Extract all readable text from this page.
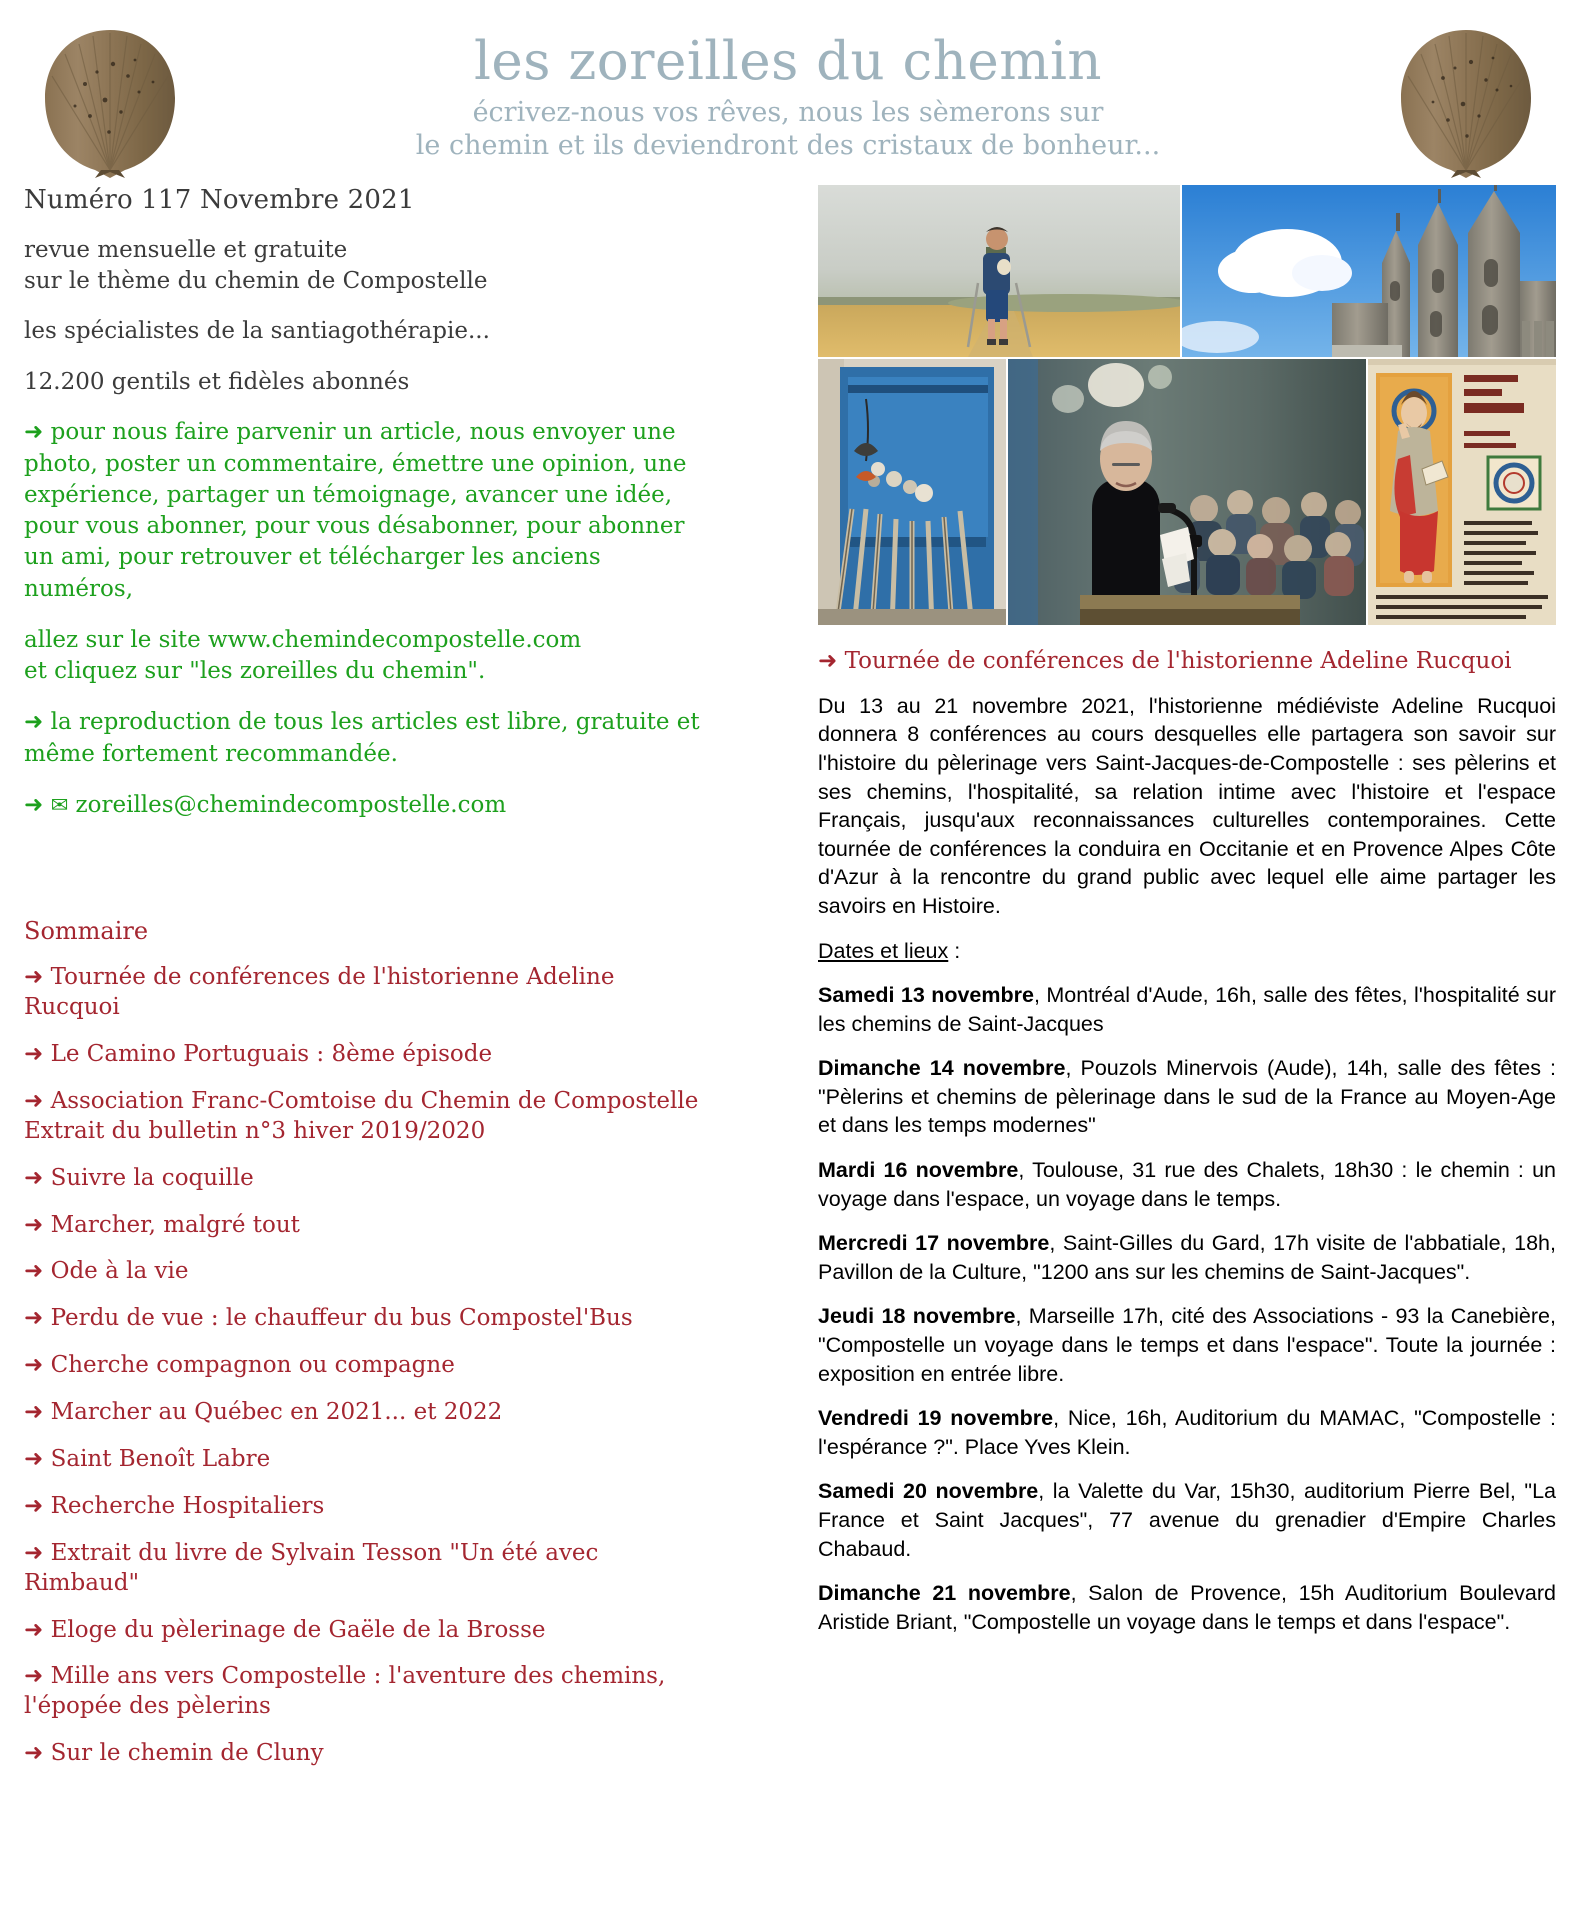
les zoreilles du chemin
écrivez-nous vos rêves, nous les sèmerons sur
le chemin et ils deviendront des cristaux de bonheur...
Numéro 117 Novembre 2021
revue mensuelle et gratuite
sur le thème du chemin de Compostelle
les spécialistes de la santiagothérapie...
12.200 gentils et fidèles abonnés
➜ pour nous faire parvenir un article, nous envoyer une photo, poster un commentaire, émettre une opinion, une expérience, partager un témoignage, avancer une idée, pour vous abonner, pour vous désabonner, pour abonner un ami, pour retrouver et télécharger les anciens numéros,
allez sur le site www.chemindecompostelle.com
et cliquez sur "les zoreilles du chemin".
➜ la reproduction de tous les articles est libre, gratuite et même fortement recommandée.
➜ ✉ zoreilles@chemindecompostelle.com
Sommaire
➜ Tournée de conférences de l'historienne Adeline Rucquoi
➜ Le Camino Portuguais : 8ème épisode
➜ Association Franc-Comtoise du Chemin de Compostelle Extrait du bulletin n°3 hiver 2019/2020
➜ Suivre la coquille
➜ Marcher, malgré tout
➜ Ode à la vie
➜ Perdu de vue : le chauffeur du bus Compostel'Bus
➜ Cherche compagnon ou compagne
➜ Marcher au Québec en 2021... et 2022
➜ Saint Benoît Labre
➜ Recherche Hospitaliers
➜ Extrait du livre de Sylvain Tesson "Un été avec Rimbaud"
➜ Eloge du pèlerinage de Gaële de la Brosse
➜ Mille ans vers Compostelle : l'aventure des chemins, l'épopée des pèlerins
➜ Sur le chemin de Cluny
➜ Tournée de conférences de l'historienne Adeline Rucquoi

Du 13 au 21 novembre 2021, l'historienne médiéviste Adeline Rucquoi donnera 8 conférences au cours desquelles elle partagera son savoir sur l'histoire du pèlerinage vers Saint-Jacques-de-Compostelle : ses pèlerins et ses chemins, l'hospitalité, sa relation intime avec l'histoire et l'espace Français, jusqu'aux reconnaissances culturelles contemporaines. Cette tournée de conférences la conduira en Occitanie et en Provence Alpes Côte d'Azur à la rencontre du grand public avec lequel elle aime partager les savoirs en Histoire.

Dates et lieux :

Samedi 13 novembre, Montréal d'Aude, 16h, salle des fêtes, l'hospitalité sur les chemins de Saint-Jacques

Dimanche 14 novembre, Pouzols Minervois (Aude), 14h, salle des fêtes : "Pèlerins et chemins de pèlerinage dans le sud de la France au Moyen-Age et dans les temps modernes"

Mardi 16 novembre, Toulouse, 31 rue des Chalets, 18h30 : le chemin : un voyage dans l'espace, un voyage dans le temps.

Mercredi 17 novembre, Saint-Gilles du Gard, 17h visite de l'abbatiale, 18h, Pavillon de la Culture, "1200 ans sur les chemins de Saint-Jacques".

Jeudi 18 novembre, Marseille 17h, cité des Associations - 93 la Canebière, "Compostelle un voyage dans le temps et dans l'espace". Toute la journée : exposition en entrée libre.

Vendredi 19 novembre, Nice, 16h, Auditorium du MAMAC, "Compostelle : l'espérance ?". Place Yves Klein.

Samedi 20 novembre, la Valette du Var, 15h30, auditorium Pierre Bel, "La France et Saint Jacques", 77 avenue du grenadier d'Empire Charles Chabaud.

Dimanche 21 novembre, Salon de Provence, 15h Auditorium Boulevard Aristide Briant, "Compostelle un voyage dans le temps et dans l'espace".
